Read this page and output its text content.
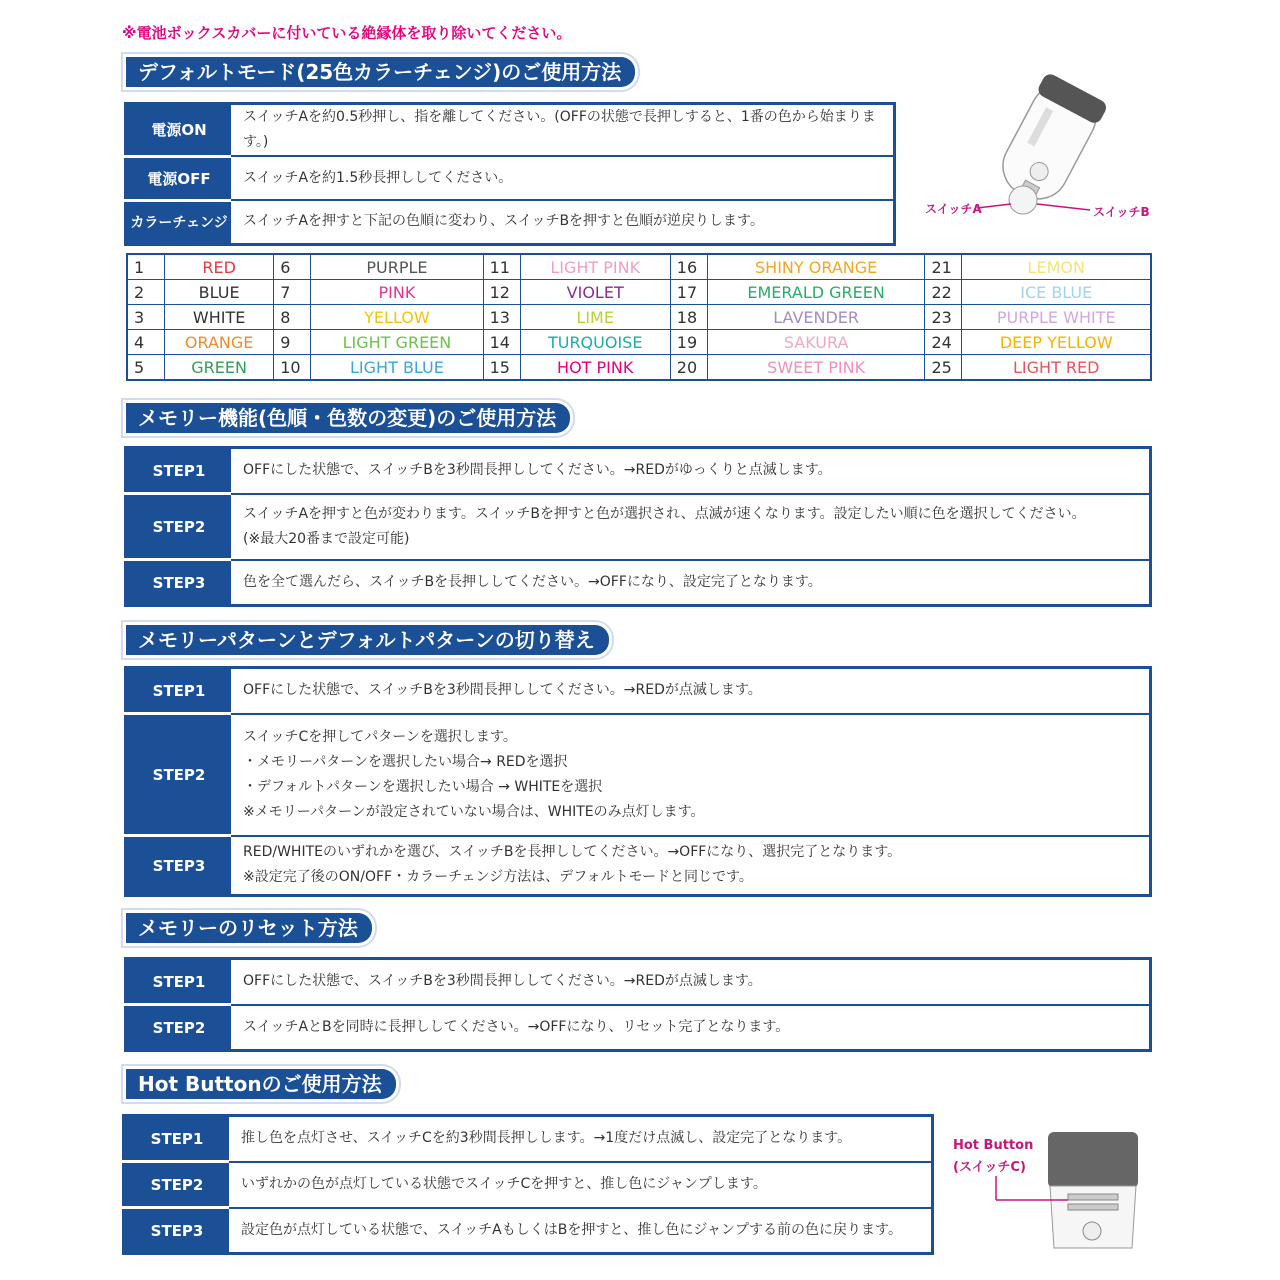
※電池ボックスカバーに付いている絶縁体を取り除いてください。
デフォルトモード(25色カラーチェンジ)のご使用方法
電源ON	スイッチAを約0.5秒押し、指を離してください。(OFFの状態で長押しすると、1番の色から始まります。)
電源OFF	スイッチAを約1.5秒長押ししてください。
カラーチェンジ	スイッチAを押すと下記の色順に変わり、スイッチBを押すと色順が逆戻りします。
スイッチA	スイッチB
1	RED	6	PURPLE	11	LIGHT PINK	16	SHINY ORANGE	21	LEMON
2	BLUE	7	PINK	12	VIOLET	17	EMERALD GREEN	22	ICE BLUE
3	WHITE	8	YELLOW	13	LIME	18	LAVENDER	23	PURPLE WHITE
4	ORANGE	9	LIGHT GREEN	14	TURQUOISE	19	SAKURA	24	DEEP YELLOW
5	GREEN	10	LIGHT BLUE	15	HOT PINK	20	SWEET PINK	25	LIGHT RED
メモリー機能(色順・色数の変更)のご使用方法
STEP1	OFFにした状態で、スイッチBを3秒間長押ししてください。→REDがゆっくりと点滅します。

STEP2	スイッチAを押すと色が変わります。スイッチBを押すと色が選択され、点滅が速くなります。設定したい順に色を選択してください。
(※最大20番まで設定可能)

STEP3	色を全て選んだら、スイッチBを長押ししてください。→OFFになり、設定完了となります。
メモリーパターンとデフォルトパターンの切り替え
STEP1	OFFにした状態で、スイッチBを3秒間長押ししてください。→REDが点滅します。

STEP2	スイッチCを押してパターンを選択します。
・メモリーパターンを選択したい場合→ REDを選択
・デフォルトパターンを選択したい場合 → WHITEを選択
※メモリーパターンが設定されていない場合は、WHITEのみ点灯します。

STEP3	RED/WHITEのいずれかを選び、スイッチBを長押ししてください。→OFFになり、選択完了となります。
※設定完了後のON/OFF・カラーチェンジ方法は、デフォルトモードと同じです。
メモリーのリセット方法
STEP1	OFFにした状態で、スイッチBを3秒間長押ししてください。→REDが点滅します。

STEP2	スイッチAとBを同時に長押ししてください。→OFFになり、リセット完了となります。
Hot Buttonのご使用方法
STEP1	推し色を点灯させ、スイッチCを約3秒間長押しします。→1度だけ点滅し、設定完了となります。

STEP2	いずれかの色が点灯している状態でスイッチCを押すと、推し色にジャンプします。

STEP3	設定色が点灯している状態で、スイッチAもしくはBを押すと、推し色にジャンプする前の色に戻ります。
Hot Button
(スイッチC)
